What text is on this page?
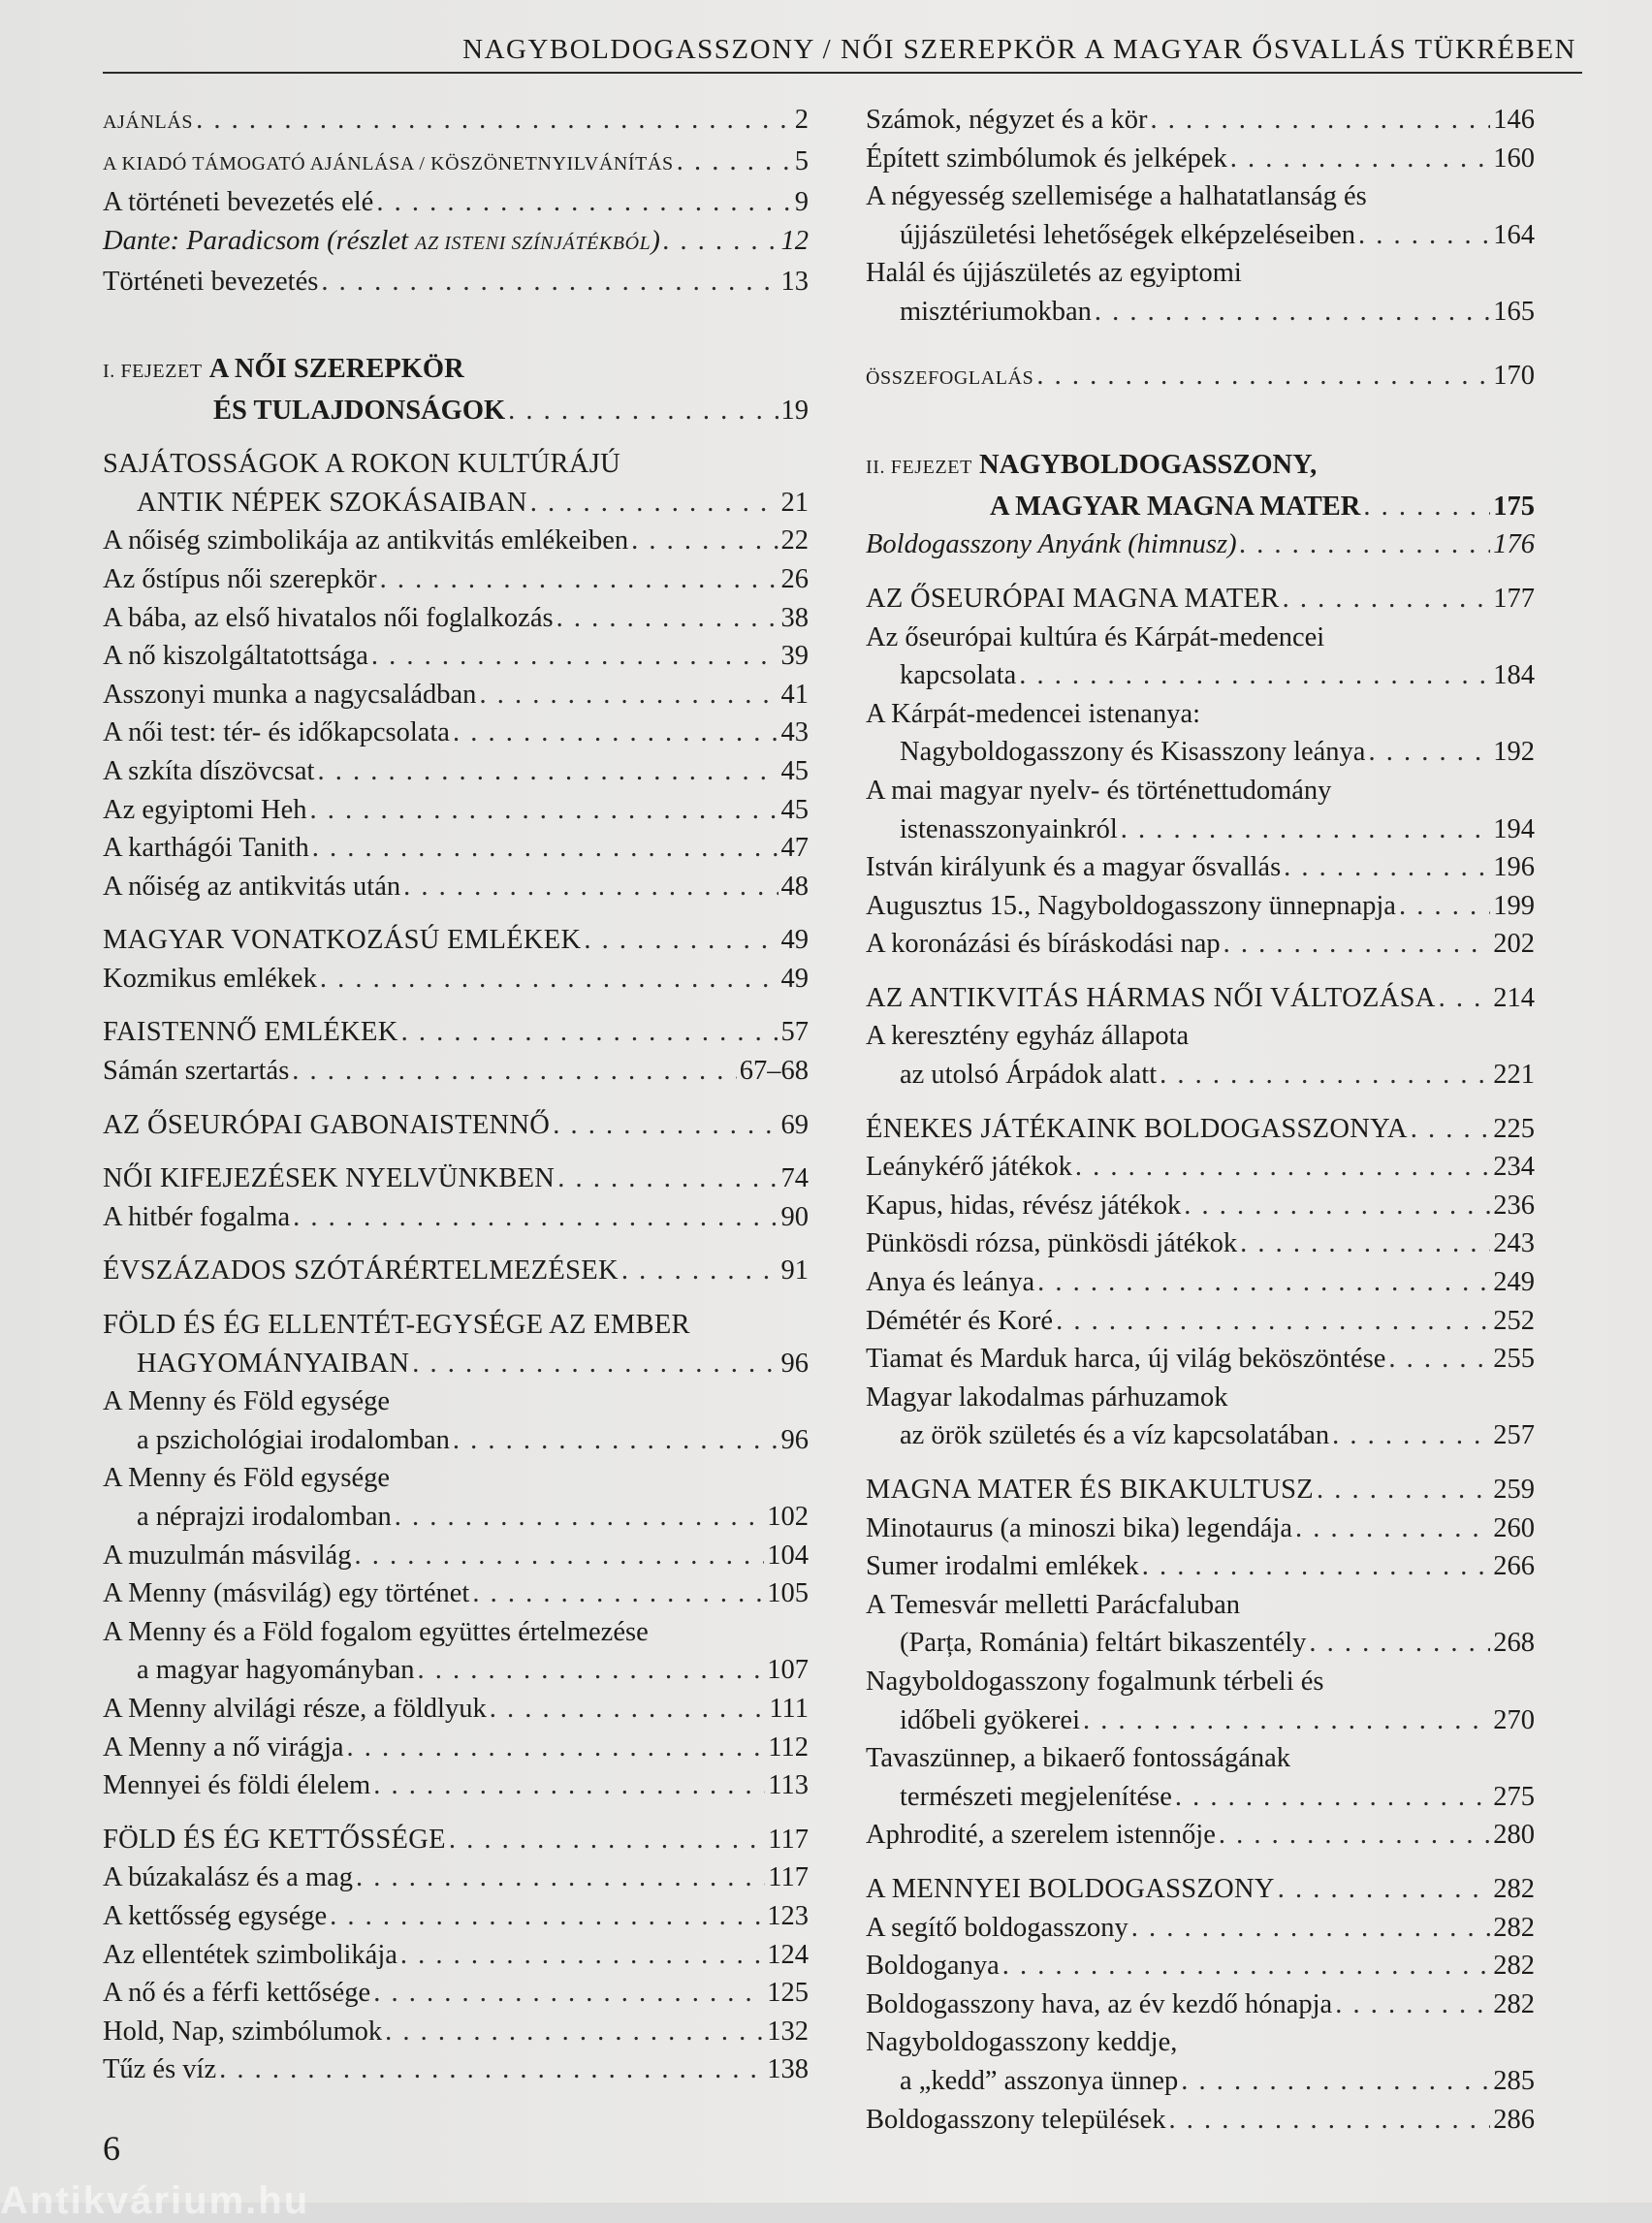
NAGYBOLDOGASSZONY / NŐI SZEREPKÖR A MAGYAR ŐSVALLÁS TÜKRÉBEN
AJÁNLÁS . . .	2
A KIADÓ TÁMOGATÓ AJÁNLÁSA / KÖSZÖNETNYILVÁNÍTÁS . . .	5
A történeti bevezetés elé . . .	9
Dante: Paradicsom (részlet
AZ ISTENI SZÍNJÁTÉKBÓL ) . . .	12
Történeti bevezetés . . .	13
I. FEJEZET
A NŐI SZEREPKÖR
ÉS TULAJDONSÁGOK . . .	19
SAJÁTOSSÁGOK A ROKON KULTÚRÁJÚ
ANTIK NÉPEK SZOKÁSAIBAN . . .	21
A nőiség szimbolikája az antikvitás emlékeiben . . .	22
Az őstípus női szerepkör . . .	26
A bába, az első hivatalos női foglalkozás . . .	38
A nő kiszolgáltatottsága . . .	39
Asszonyi munka a nagycsaládban . . .	41
A női test: tér- és időkapcsolata . . .	43
A szkíta díszövcsat . . .	45
Az egyiptomi Heh . . .	45
A karthágói Tanith . . .	47
A nőiség az antikvitás után . . .	48
MAGYAR VONATKOZÁSÚ EMLÉKEK . . .	49
Kozmikus emlékek . . .	49
FAISTENNŐ EMLÉKEK . . .	57
Sámán szertartás . . .	67–68
AZ ŐSEURÓPAI GABONAISTENNŐ . . .	69
NŐI KIFEJEZÉSEK NYELVÜNKBEN . . .	74
A hitbér fogalma . . .	90
ÉVSZÁZADOS SZÓTÁRÉRTELMEZÉSEK . . .	91
FÖLD ÉS ÉG ELLENTÉT-EGYSÉGE AZ EMBER
HAGYOMÁNYAIBAN . . .	96
A Menny és Föld egysége
a pszichológiai irodalomban . . .	96
A Menny és Föld egysége
a néprajzi irodalomban . . .	102
A muzulmán másvilág . . .	104
A Menny (másvilág) egy történet . . .	105
A Menny és a Föld fogalom együttes értelmezése
a magyar hagyományban . . .	107
A Menny alvilági része, a földlyuk . . .	111
A Menny a nő virágja . . .	112
Mennyei és földi élelem . . .	113
FÖLD ÉS ÉG KETTŐSSÉGE . . .	117
A búzakalász és a mag . . .	117
A kettősség egysége . . .	123
Az ellentétek szimbolikája . . .	124
A nő és a férfi kettősége . . .	125
Hold, Nap, szimbólumok . . .	132
Tűz és víz . . .	138
Számok, négyzet és a kör . . .	146
Épített szimbólumok és jelképek . . .	160
A négyesség szellemisége a halhatatlanság és
újjászületési lehetőségek elképzeléseiben . . .	164
Halál és újjászületés az egyiptomi
misztériumokban . . .	165
ÖSSZEFOGLALÁS . . .	170
II. FEJEZET
NAGYBOLDOGASSZONY,
A MAGYAR MAGNA MATER . . .	175
Boldogasszony Anyánk (himnusz) . . .	176
AZ ŐSEURÓPAI MAGNA MATER . . .	177
Az őseurópai kultúra és Kárpát-medencei
kapcsolata . . .	184
A Kárpát-medencei istenanya:
Nagyboldogasszony és Kisasszony leánya . . .	192
A mai magyar nyelv- és történettudomány
istenasszonyainkról . . .	194
István királyunk és a magyar ősvallás . . .	196
Augusztus 15., Nagyboldogasszony ünnepnapja . . .	199
A koronázási és bíráskodási nap . . .	202
AZ ANTIKVITÁS HÁRMAS NŐI VÁLTOZÁSA . . . 214
A keresztény egyház állapota
az utolsó Árpádok alatt . . .	221
ÉNEKES JÁTÉKAINK BOLDOGASSZONYA . . .	225
Leánykérő játékok . . .	234
Kapus, hidas, révész játékok . . .	236
Pünkösdi rózsa, pünkösdi játékok . . .	243
Anya és leánya . . .	249
Démétér és Koré . . .	252
Tiamat és Marduk harca, új világ beköszöntése . . .	255
Magyar lakodalmas párhuzamok
az örök születés és a víz kapcsolatában . . .	257
MAGNA MATER ÉS BIKAKULTUSZ . . .	259
Minotaurus (a minoszi bika) legendája . . .	260
Sumer irodalmi emlékek . . .	266
A Temesvár melletti Parácfaluban
(Parța, Románia) feltárt bikaszentély . . .	268
Nagyboldogasszony fogalmunk térbeli és
időbeli gyökerei . . .	270
Tavaszünnep, a bikaerő fontosságának
természeti megjelenítése . . .	275
Aphrodité, a szerelem istennője . . .	280
A MENNYEI BOLDOGASSZONY . . .	282
A segítő boldogasszony . . .	282
Boldoganya . . .	282
Boldogasszony hava, az év kezdő hónapja . . .	282
Nagyboldogasszony keddje,
a „kedd” asszonya ünnep . . .	285
Boldogasszony települések . . .	286
6
Antikvárium.hu
